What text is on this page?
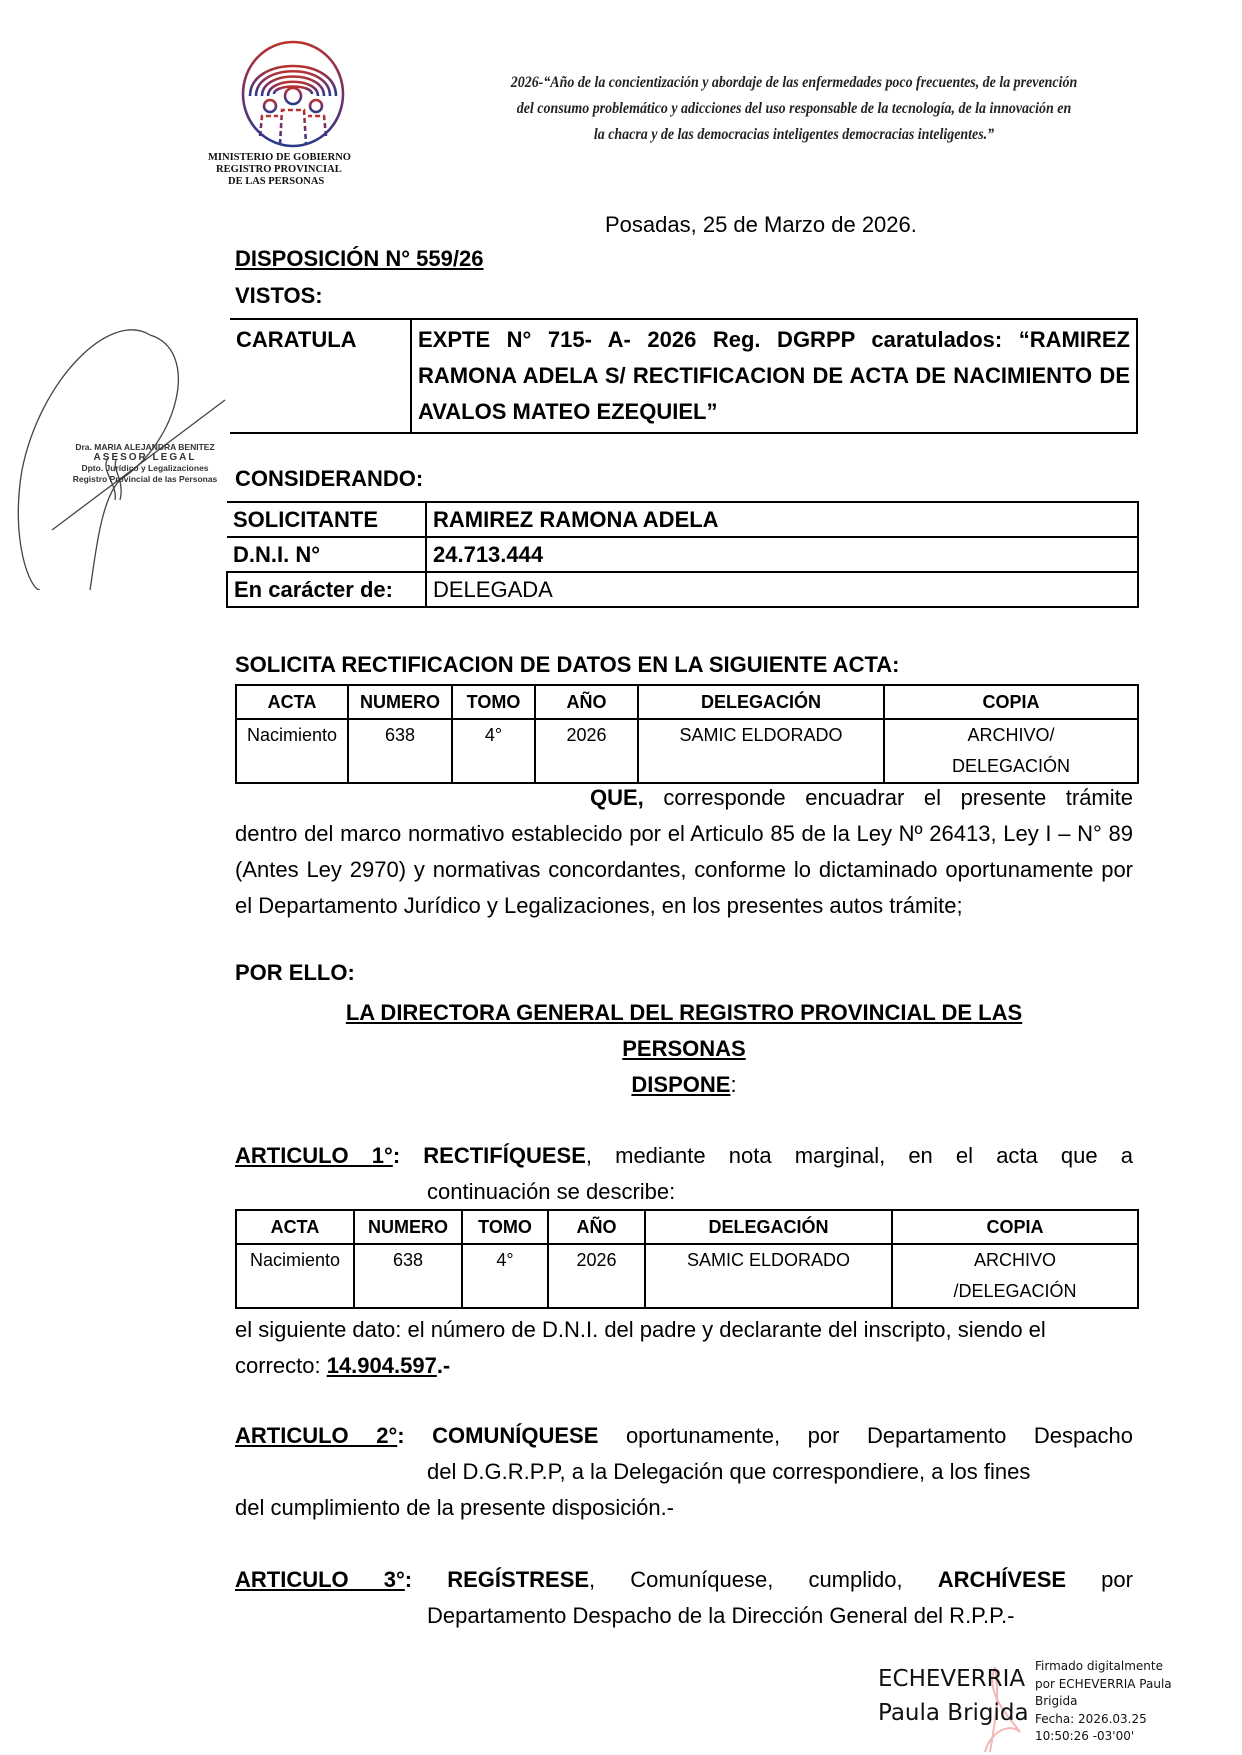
MINISTERIO DE GOBIERNO
REGISTRO PROVINCIAL
DE LAS PERSONAS
2026-“Año de la concientización y abordaje de las enfermedades poco frecuentes, de la prevención
del consumo problemático y adicciones del uso responsable de la tecnología, de la innovación en
la chacra y de las democracias inteligentes democracias inteligentes.”
Dra. MARIA ALEJANDRA BENITEZ
ASESOR LEGAL
Dpto. Jurídico y Legalizaciones
Registro Provincial de las Personas
Posadas, 25 de Marzo de 2026.
DISPOSICIÓN N° 559/26
VISTOS:
CARATULA	EXPTE N° 715- A- 2026 Reg. DGRPP caratulados: “RAMIREZ RAMONA ADELA S/ RECTIFICACION DE ACTA DE NACIMIENTO DE AVALOS MATEO EZEQUIEL”
CONSIDERANDO:
SOLICITANTE	RAMIREZ RAMONA ADELA
D.N.I. N°	24.713.444
En carácter de:	DELEGADA
SOLICITA RECTIFICACION DE DATOS EN LA SIGUIENTE ACTA:
ACTA	NUMERO	TOMO	AÑO	DELEGACIÓN	COPIA
Nacimiento	638	4°	2026	SAMIC ELDORADO	ARCHIVO/ DELEGACIÓN
QUE, corresponde encuadrar el presente trámite dentro del marco normativo establecido por el Articulo 85 de la Ley Nº 26413, Ley I – N° 89 (Antes Ley 2970) y normativas concordantes, conforme lo dictaminado oportunamente por el Departamento Jurídico y Legalizaciones, en los presentes autos trámite;
POR ELLO:
LA DIRECTORA GENERAL DEL REGISTRO PROVINCIAL DE LAS
PERSONAS
DISPONE:
ARTICULO 1°: RECTIFÍQUESE, mediante nota marginal, en el acta que a
continuación se describe:
ACTA	NUMERO	TOMO	AÑO	DELEGACIÓN	COPIA
Nacimiento	638	4°	2026	SAMIC ELDORADO	ARCHIVO /DELEGACIÓN
el siguiente dato: el número de D.N.I. del padre y declarante del inscripto, siendo el correcto: 14.904.597.-
ARTICULO 2°: COMUNÍQUESE oportunamente, por Departamento Despacho
del D.G.R.P.P, a la Delegación que correspondiere, a los fines
del cumplimiento de la presente disposición.-
ARTICULO 3°: REGÍSTRESE, Comuníquese, cumplido, ARCHÍVESE por
Departamento Despacho de la Dirección General del R.P.P.-
ECHEVERRIA
Paula Brigida
Firmado digitalmente
por ECHEVERRIA Paula
Brigida
Fecha: 2026.03.25
10:50:26 -03'00'
